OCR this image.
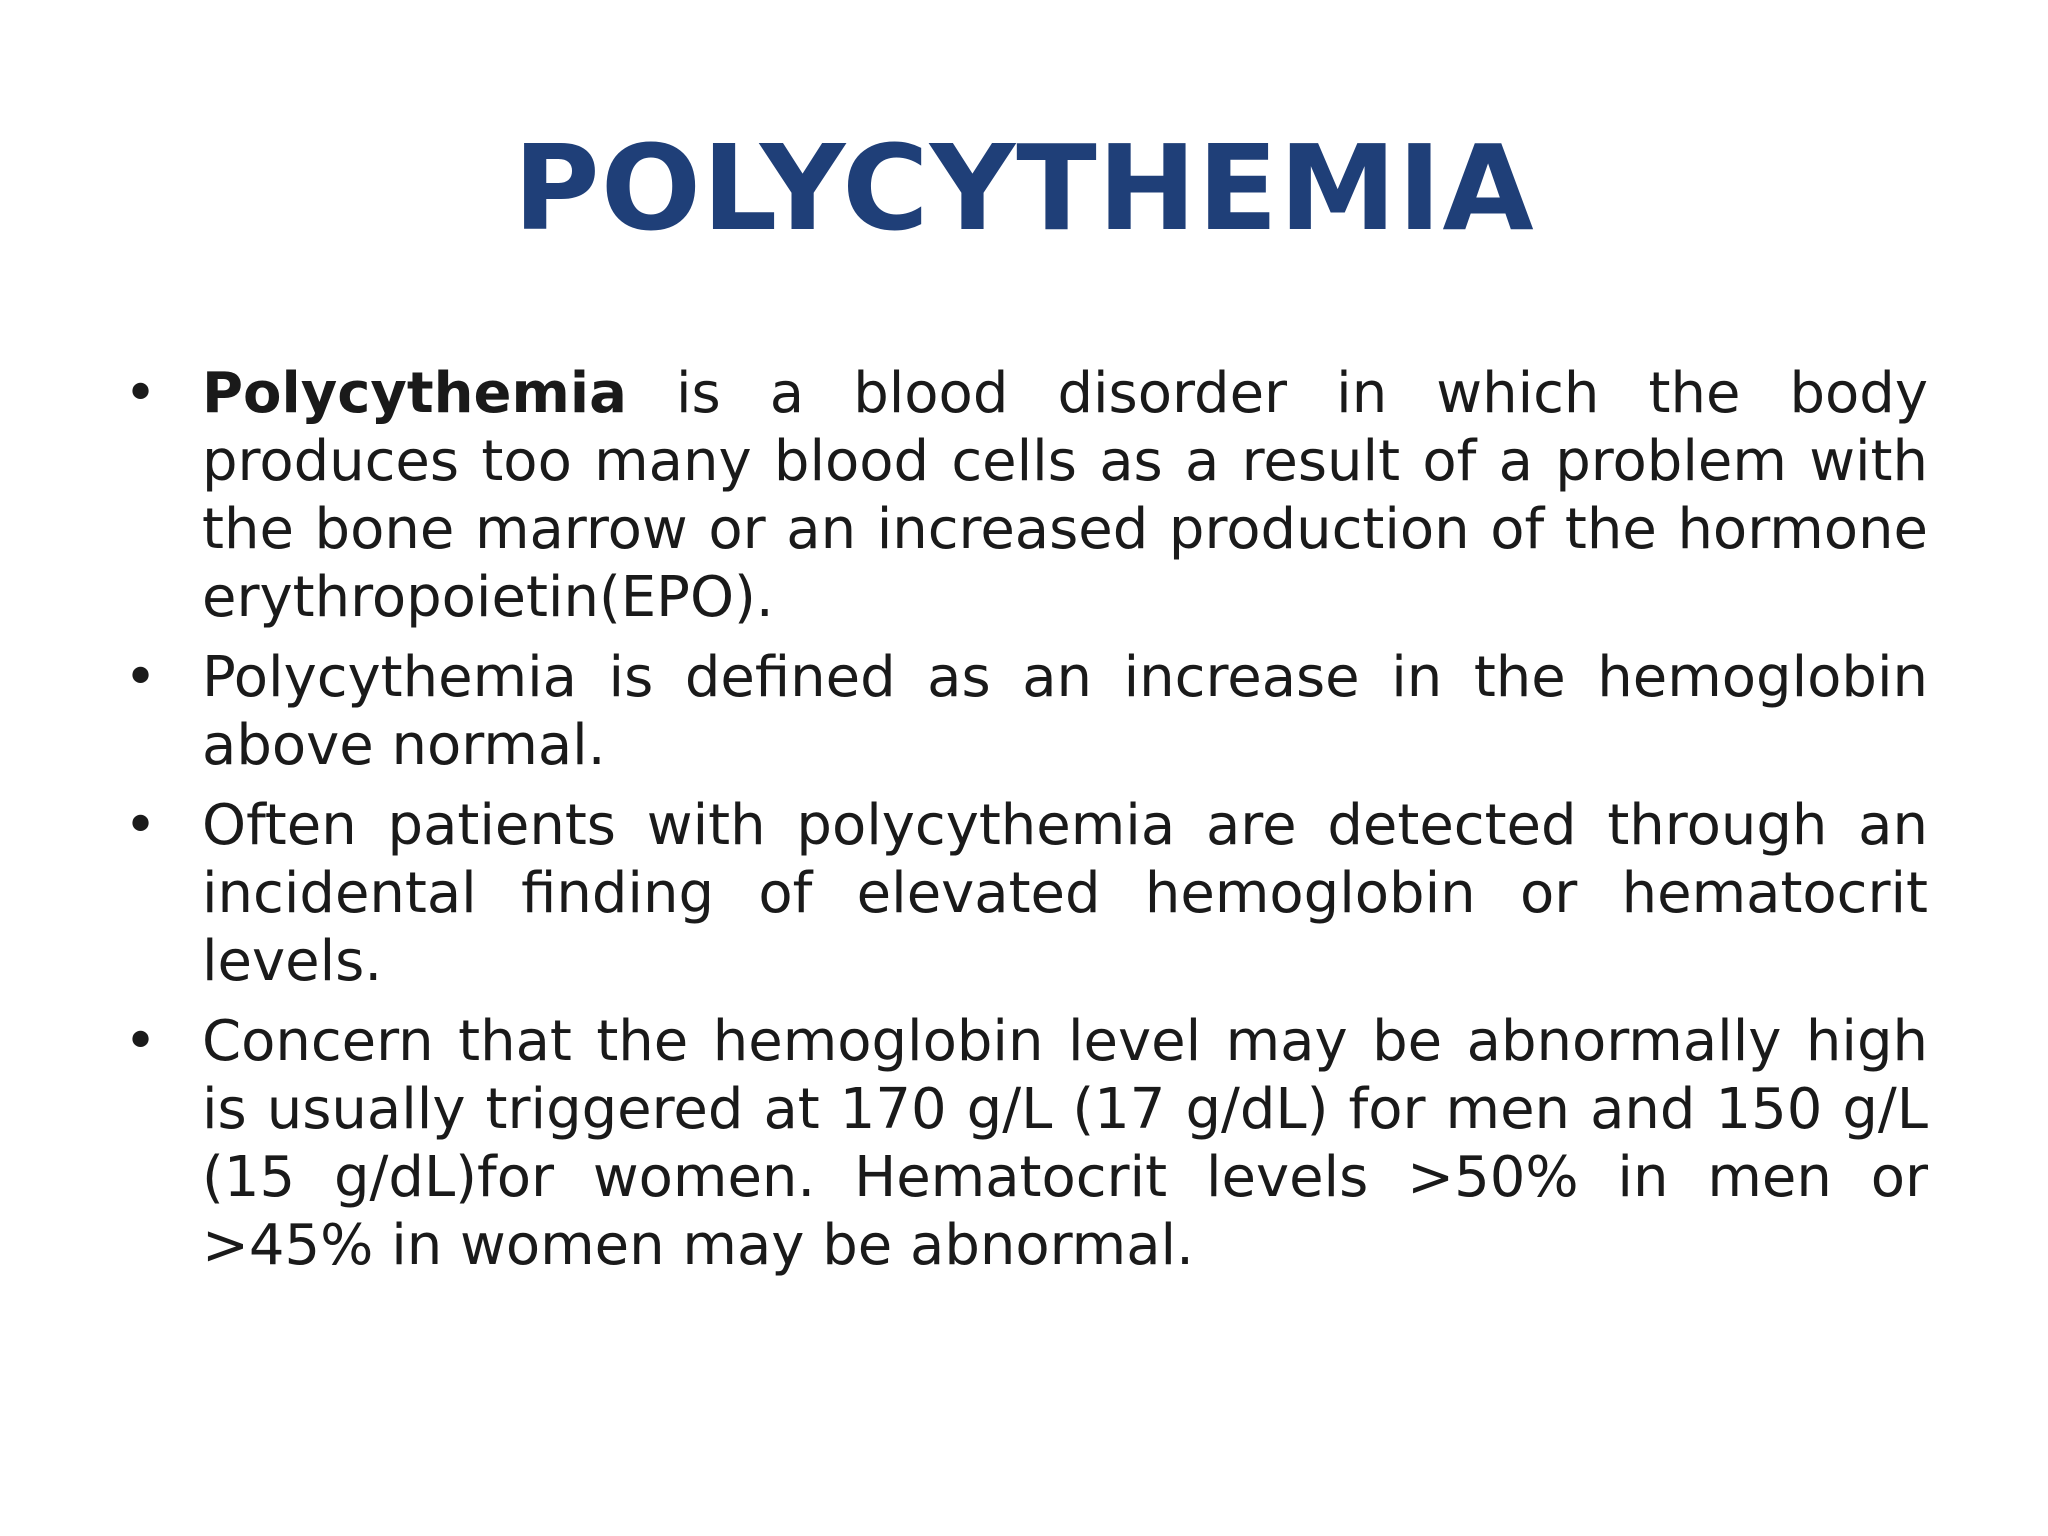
POLYCYTHEMIA
• Polycythemia is a blood disorder in which the body produces too many blood cells as a result of a problem with the bone marrow or an increased production of the hormone erythropoietin(EPO).
• Polycythemia is defined as an increase in the hemoglobin above normal.
• Often patients with polycythemia are detected through an incidental finding of elevated hemoglobin or hematocrit levels.
• Concern that the hemoglobin level may be abnormally high is usually triggered at 170 g/L (17 g/dL) for men and 150 g/L (15 g/dL)for women. Hematocrit levels >50% in men or >45% in women may be abnormal.
